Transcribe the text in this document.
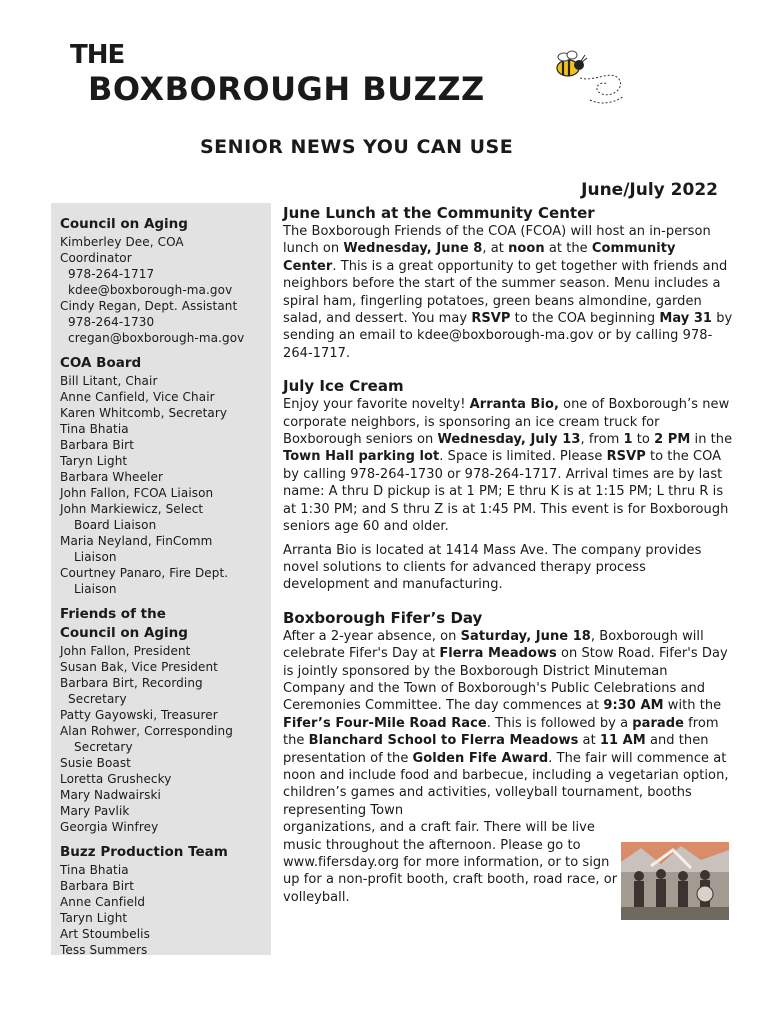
THE
BOXBOROUGH BUZZZ
SENIOR NEWS YOU CAN USE
June/July 2022
Council on Aging
Kimberley Dee, COA
Coordinator
978-264-1717
kdee@boxborough-ma.gov
Cindy Regan, Dept. Assistant
978-264-1730
cregan@boxborough-ma.gov
COA Board
Bill Litant, Chair
Anne Canfield, Vice Chair
Karen Whitcomb, Secretary
Tina Bhatia
Barbara Birt
Taryn Light
Barbara Wheeler
John Fallon, FCOA Liaison
John Markiewicz, Select
Board Liaison
Maria Neyland, FinComm
Liaison
Courtney Panaro, Fire Dept.
Liaison
Friends of the
Council on Aging
John Fallon, President
Susan Bak, Vice President
Barbara Birt, Recording
Secretary
Patty Gayowski, Treasurer
Alan Rohwer, Corresponding
Secretary
Susie Boast
Loretta Grushecky
Mary Nadwairski
Mary Pavlik
Georgia Winfrey
Buzz Production Team
Tina Bhatia
Barbara Birt
Anne Canfield
Taryn Light
Art Stoumbelis
Tess Summers
June Lunch at the Community Center

The Boxborough Friends of the COA (FCOA) will host an in-person lunch on Wednesday, June 8, at noon at the Community Center. This is a great opportunity to get together with friends and neighbors before the start of the summer season. Menu includes a spiral ham, fingerling potatoes, green beans almondine, garden salad, and dessert. You may RSVP to the COA beginning May 31 by sending an email to kdee@boxborough-ma.gov or by calling 978-264-1717.

July Ice Cream

Enjoy your favorite novelty! Arranta Bio, one of Boxborough’s new corporate neighbors, is sponsoring an ice cream truck for Boxborough seniors on Wednesday, July 13, from 1 to 2 PM in the Town Hall parking lot. Space is limited. Please RSVP to the COA by calling 978-264-1730 or 978-264-1717. Arrival times are by last name: A thru D pickup is at 1 PM; E thru K is at 1:15 PM; L thru R is at 1:30 PM; and S thru Z is at 1:45 PM. This event is for Boxborough seniors age 60 and older.

Arranta Bio is located at 1414 Mass Ave. The company provides novel solutions to clients for advanced therapy process development and manufacturing.

Boxborough Fifer’s Day

After a 2-year absence, on Saturday, June 18, Boxborough will celebrate Fifer's Day at Flerra Meadows on Stow Road. Fifer's Day is jointly sponsored by the Boxborough District Minuteman Company and the Town of Boxborough's Public Celebrations and Ceremonies Committee. The day commences at 9:30 AM with the Fifer’s Four-Mile Road Race. This is followed by a parade from the Blanchard School to Flerra Meadows at 11 AM and then presentation of the Golden Fife Award. The fair will commence at noon and include food and barbecue, including a vegetarian option, children’s games and activities, volleyball tournament, booths representing Town

organizations, and a craft fair. There will be live music throughout the afternoon. Please go to www.fifersday.org for more information, or to sign up for a non-profit booth, craft booth, road race, or volleyball.
